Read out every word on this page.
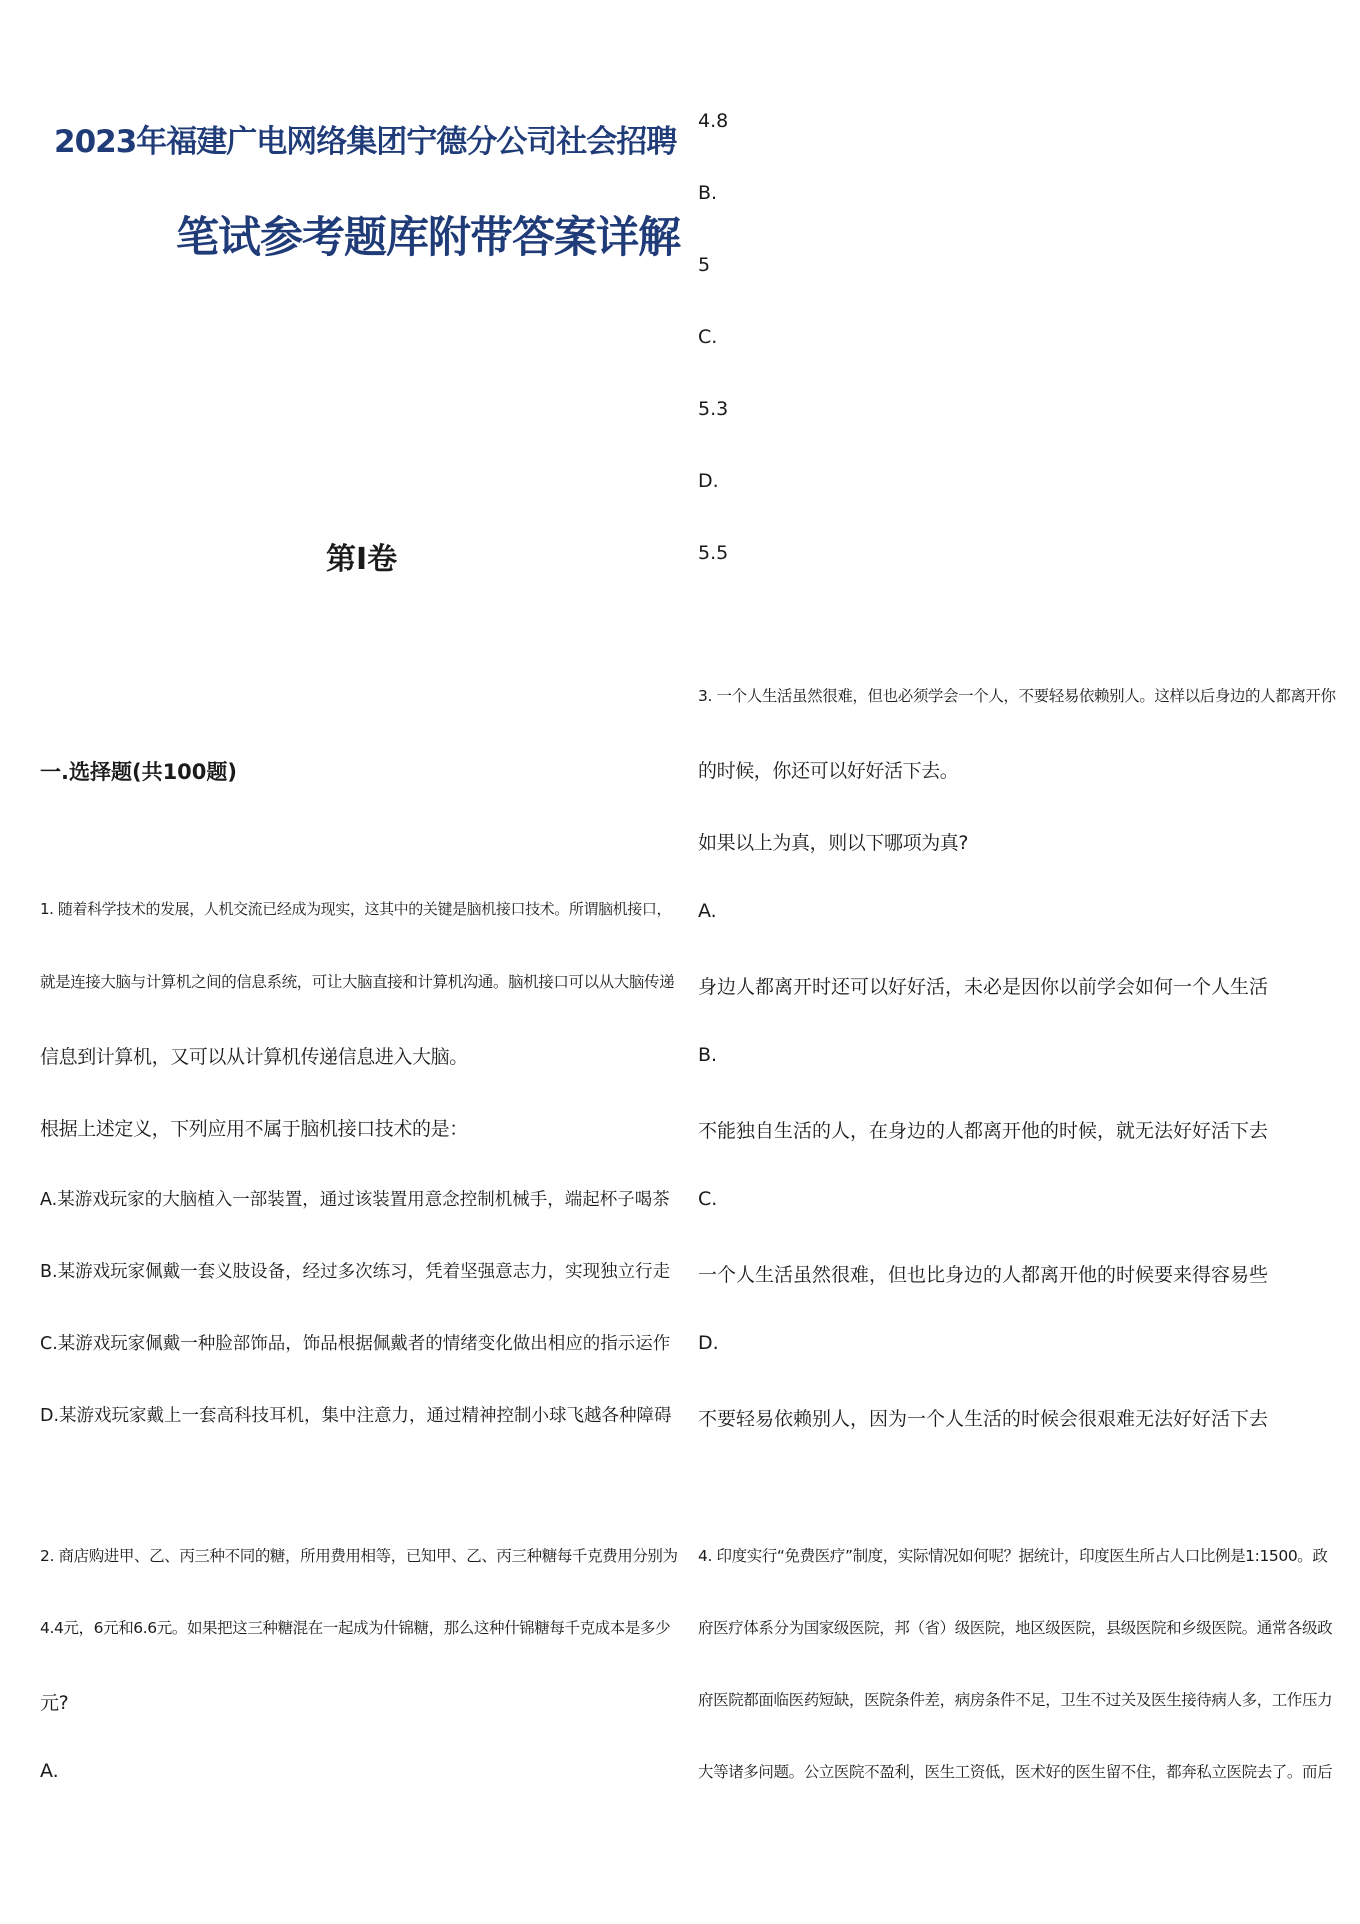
2023年福建广电网络集团宁德分公司社会招聘
笔试参考题库附带答案详解
第I卷
一.选择题(共100题)
1. 随着科学技术的发展，人机交流已经成为现实，这其中的关键是脑机接口技术。所谓脑机接口，
就是连接大脑与计算机之间的信息系统，可让大脑直接和计算机沟通。脑机接口可以从大脑传递
信息到计算机，又可以从计算机传递信息进入大脑。
根据上述定义，下列应用不属于脑机接口技术的是：
A.某游戏玩家的大脑植入一部装置，通过该装置用意念控制机械手，端起杯子喝茶
B.某游戏玩家佩戴一套义肢设备，经过多次练习，凭着坚强意志力，实现独立行走
C.某游戏玩家佩戴一种脸部饰品，饰品根据佩戴者的情绪变化做出相应的指示运作
D.某游戏玩家戴上一套高科技耳机，集中注意力，通过精神控制小球飞越各种障碍
2. 商店购进甲、乙、丙三种不同的糖，所用费用相等，已知甲、乙、丙三种糖每千克费用分别为
4.4元，6元和6.6元。如果把这三种糖混在一起成为什锦糖，那么这种什锦糖每千克成本是多少
元?
A.
4.8
B.
5
C.
5.3
D.
5.5
3. 一个人生活虽然很难，但也必须学会一个人，不要轻易依赖别人。这样以后身边的人都离开你
的时候，你还可以好好活下去。
如果以上为真，则以下哪项为真?
A.
身边人都离开时还可以好好活，未必是因你以前学会如何一个人生活
B.
不能独自生活的人，在身边的人都离开他的时候，就无法好好活下去
C.
一个人生活虽然很难，但也比身边的人都离开他的时候要来得容易些
D.
不要轻易依赖别人，因为一个人生活的时候会很艰难无法好好活下去
4. 印度实行“免费医疗”制度，实际情况如何呢？据统计，印度医生所占人口比例是1:1500。政
府医疗体系分为国家级医院，邦（省）级医院，地区级医院，县级医院和乡级医院。通常各级政
府医院都面临医药短缺，医院条件差，病房条件不足，卫生不过关及医生接待病人多，工作压力
大等诸多问题。公立医院不盈利，医生工资低，医术好的医生留不住，都奔私立医院去了。而后
